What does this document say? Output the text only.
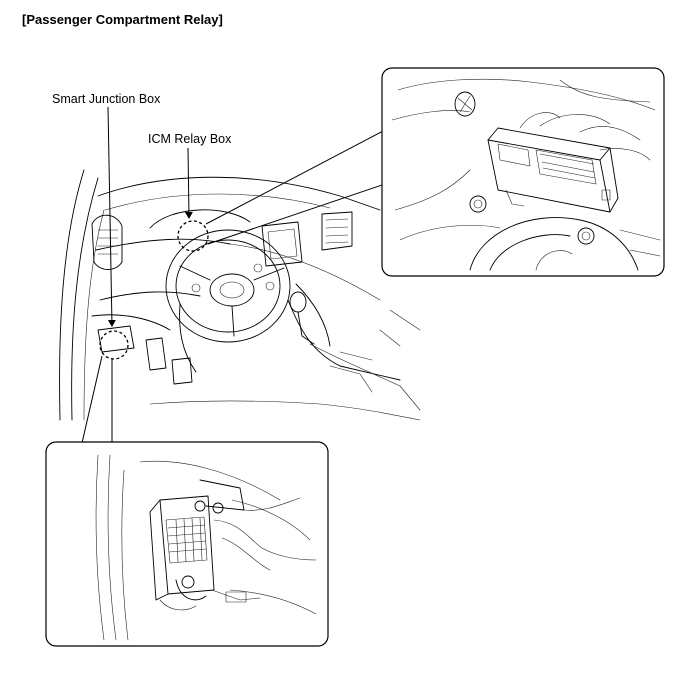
[Passenger Compartment Relay]
Smart Junction Box
ICM Relay Box
